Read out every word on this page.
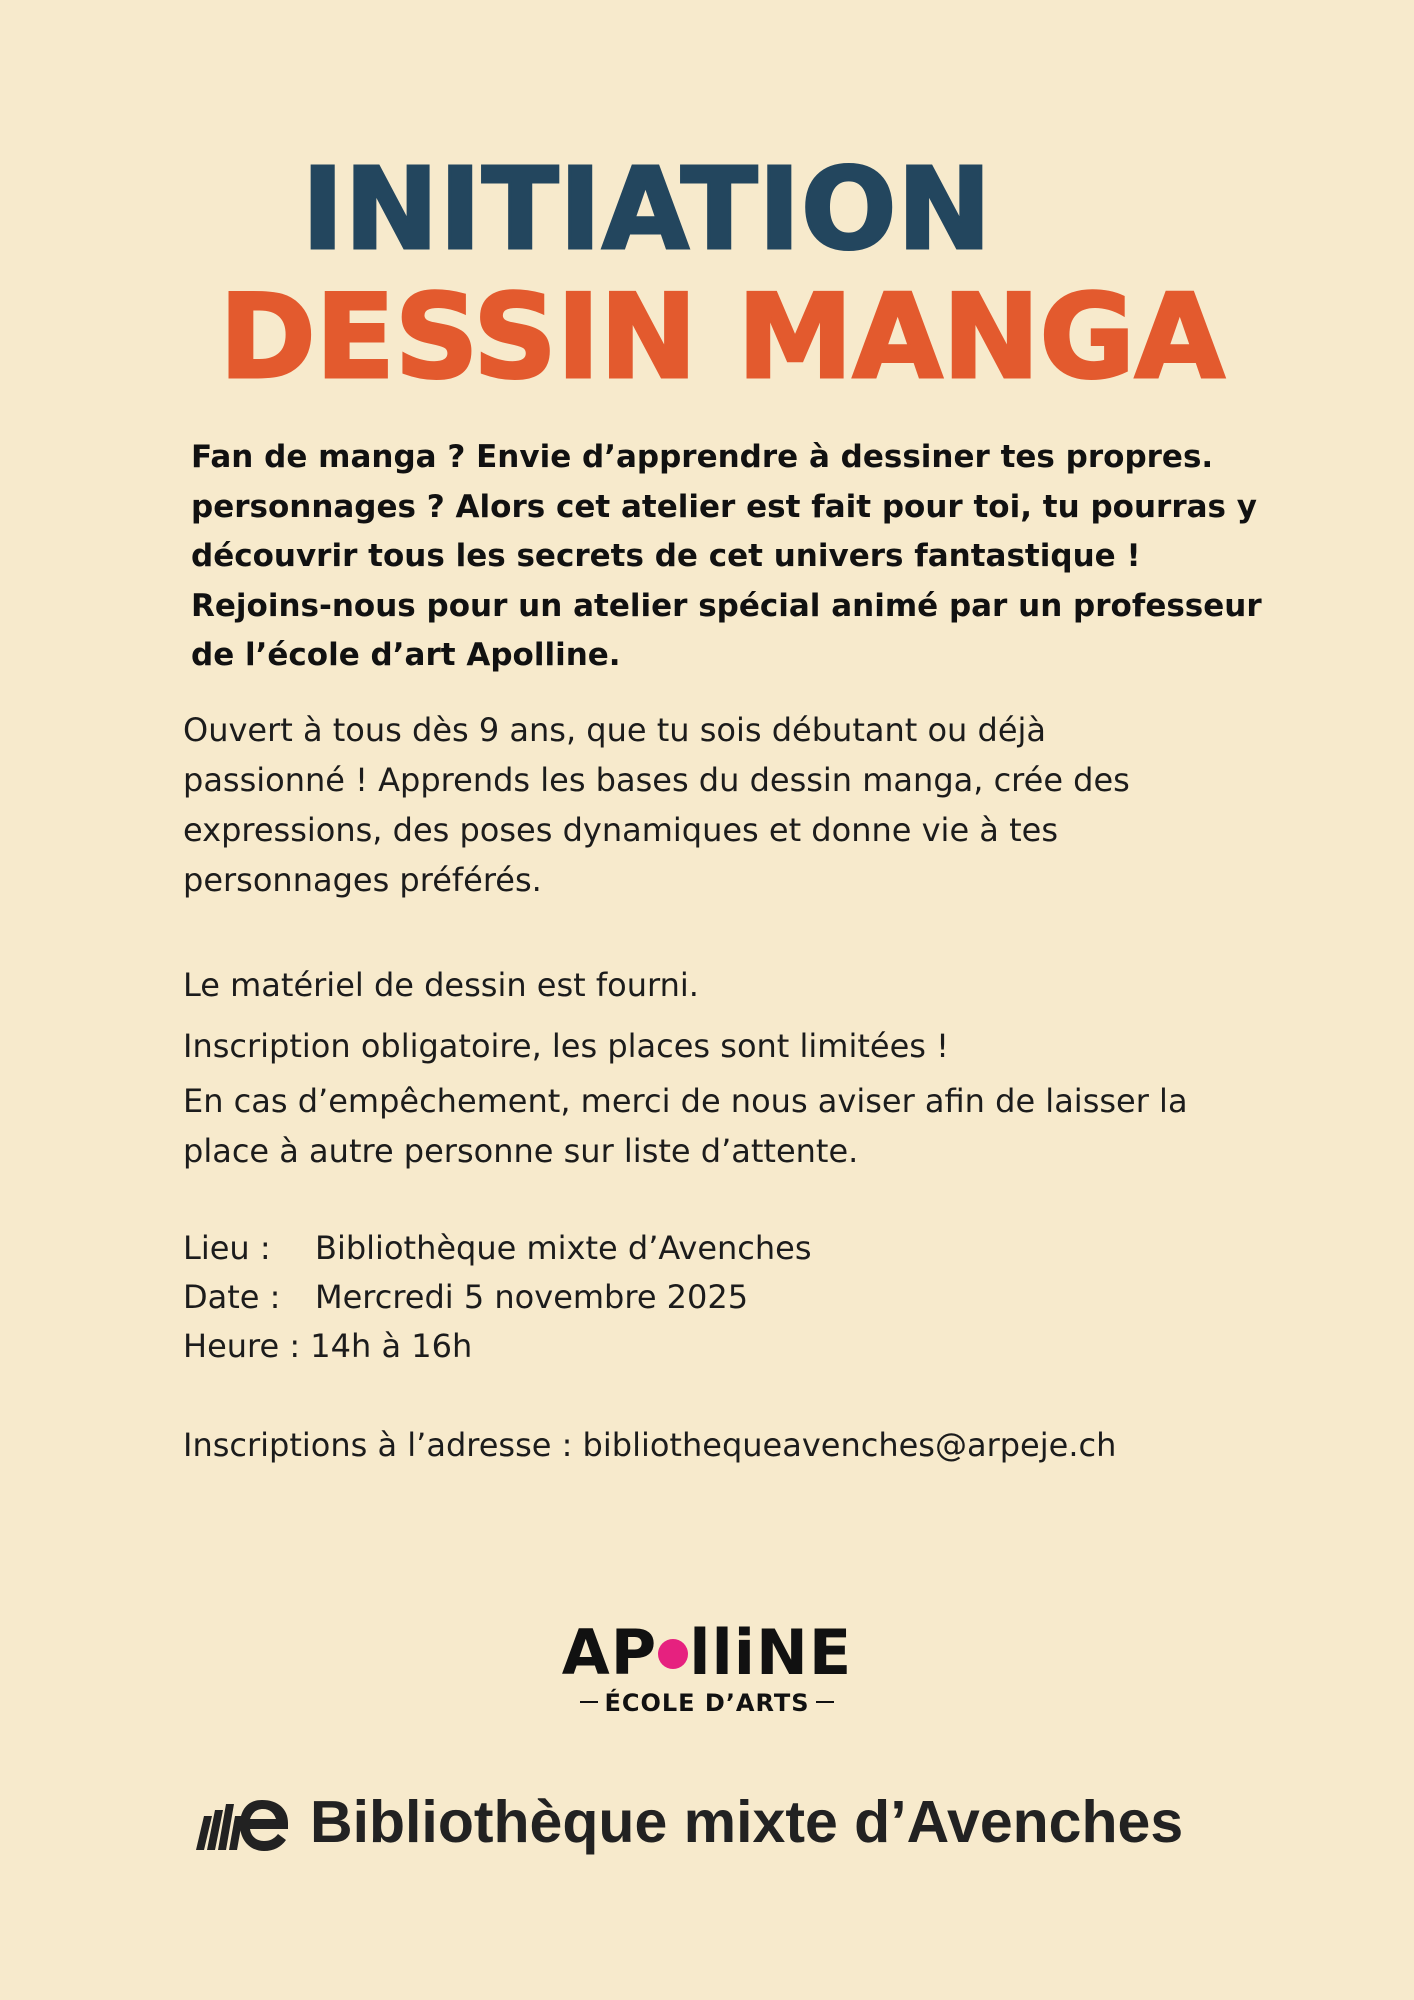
INITIATION
DESSIN MANGA

Fan de manga ? Envie d’apprendre à dessiner tes propres.
personnages ? Alors cet atelier est fait pour toi, tu pourras y
découvrir tous les secrets de cet univers fantastique !
Rejoins-nous pour un atelier spécial animé par un professeur
de l’école d’art Apolline.

Ouvert à tous dès 9 ans, que tu sois débutant ou déjà
passionné ! Apprends les bases du dessin manga, crée des
expressions, des poses dynamiques et donne vie à tes
personnages préférés.

Le matériel de dessin est fourni.

Inscription obligatoire, les places sont limitées !

En cas d’empêchement, merci de nous aviser afin de laisser la
place à autre personne sur liste d’attente.

Lieu : Bibliothèque mixte d’Avenches
Date : Mercredi 5 novembre 2025
Heure : 14h à 16h
Inscriptions à l’adresse : bibliothequeavenches@arpeje.ch
AP lliNE
ÉCOLE D’ARTS
Bibliothèque mixte d’Avenches
